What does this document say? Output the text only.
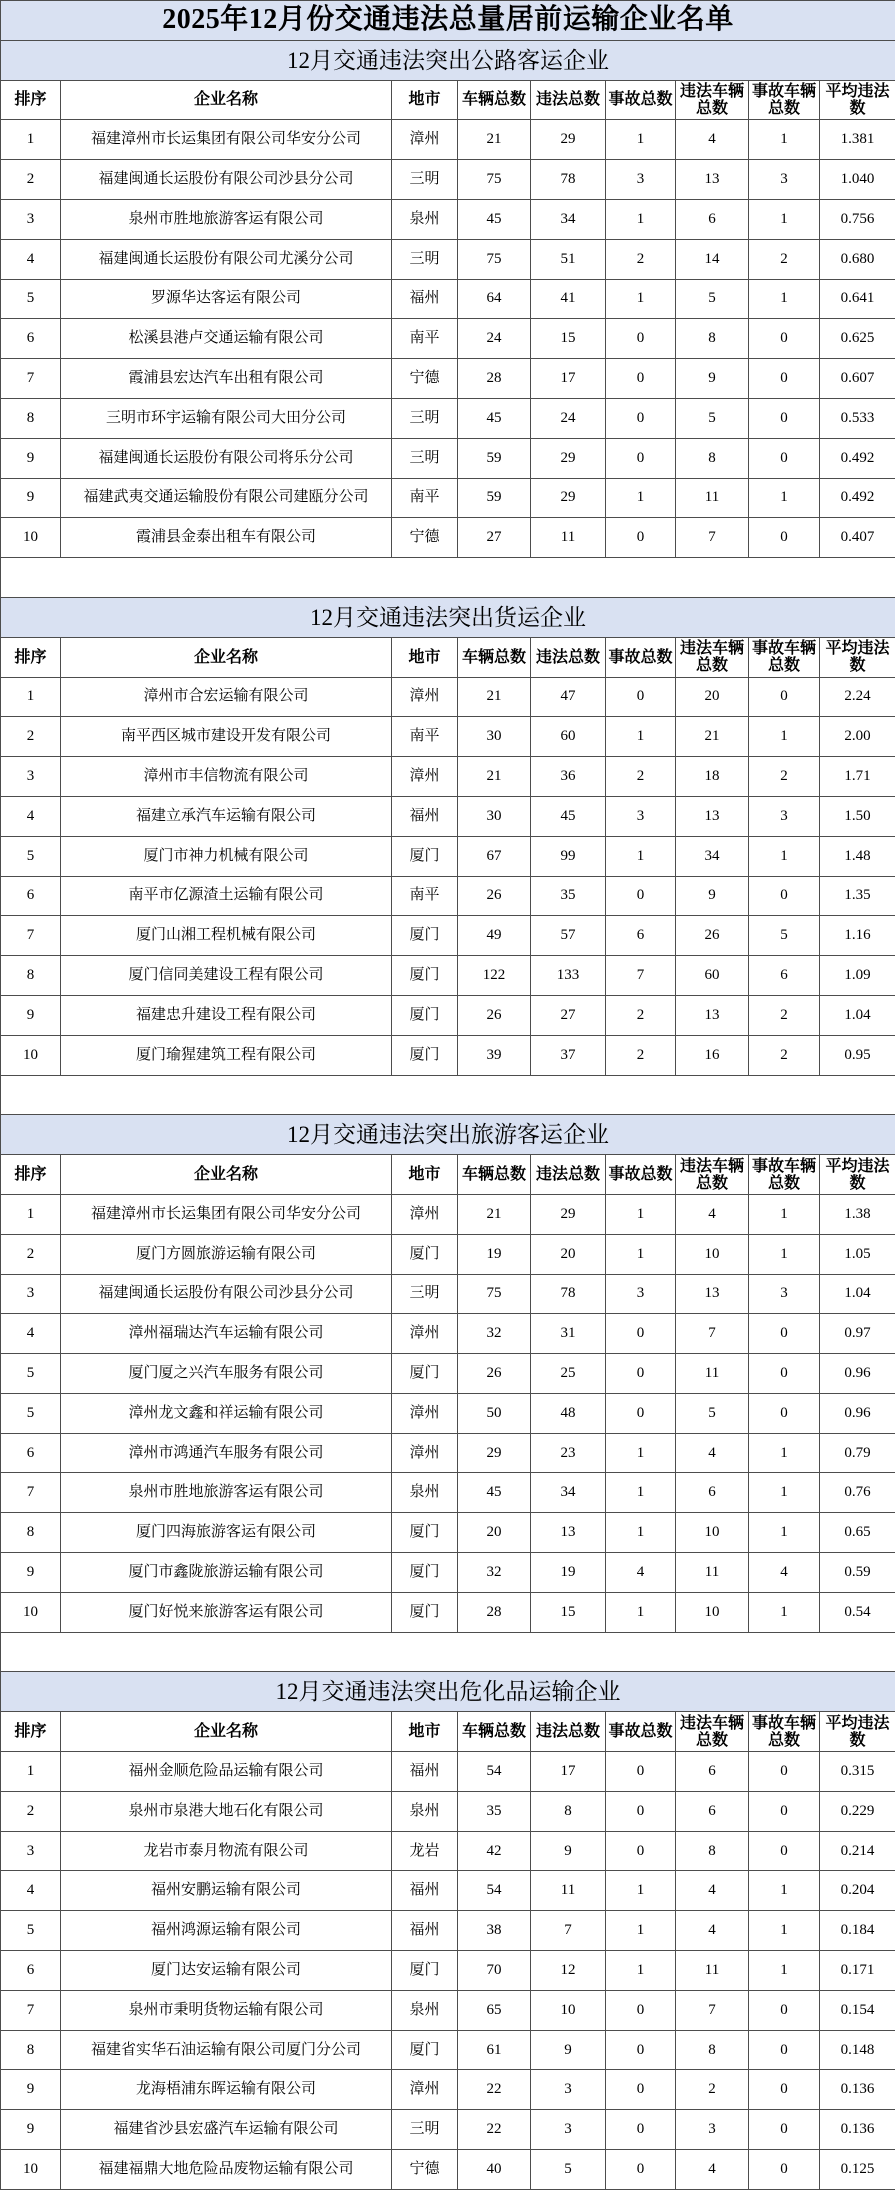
2025年12月份交通违法总量居前运输企业名单								
12月交通违法突出公路客运企业								
排序	企业名称	地市	车辆总数	违法总数	事故总数	违法车辆总数	事故车辆总数	平均违法数
1	福建漳州市长运集团有限公司华安分公司	漳州	21	29	1	4	1	1.381
2	福建闽通长运股份有限公司沙县分公司	三明	75	78	3	13	3	1.040
3	泉州市胜地旅游客运有限公司	泉州	45	34	1	6	1	0.756
4	福建闽通长运股份有限公司尤溪分公司	三明	75	51	2	14	2	0.680
5	罗源华达客运有限公司	福州	64	41	1	5	1	0.641
6	松溪县港卢交通运输有限公司	南平	24	15	0	8	0	0.625
7	霞浦县宏达汽车出租有限公司	宁德	28	17	0	9	0	0.607
8	三明市环宇运输有限公司大田分公司	三明	45	24	0	5	0	0.533
9	福建闽通长运股份有限公司将乐分公司	三明	59	29	0	8	0	0.492
9	福建武夷交通运输股份有限公司建瓯分公司	南平	59	29	1	11	1	0.492
10	霞浦县金泰出租车有限公司	宁德	27	11	0	7	0	0.407

12月交通违法突出货运企业								
排序	企业名称	地市	车辆总数	违法总数	事故总数	违法车辆总数	事故车辆总数	平均违法数
1	漳州市合宏运输有限公司	漳州	21	47	0	20	0	2.24
2	南平西区城市建设开发有限公司	南平	30	60	1	21	1	2.00
3	漳州市丰信物流有限公司	漳州	21	36	2	18	2	1.71
4	福建立承汽车运输有限公司	福州	30	45	3	13	3	1.50
5	厦门市神力机械有限公司	厦门	67	99	1	34	1	1.48
6	南平市亿源渣土运输有限公司	南平	26	35	0	9	0	1.35
7	厦门山湘工程机械有限公司	厦门	49	57	6	26	5	1.16
8	厦门信同美建设工程有限公司	厦门	122	133	7	60	6	1.09
9	福建忠升建设工程有限公司	厦门	26	27	2	13	2	1.04
10	厦门瑜猩建筑工程有限公司	厦门	39	37	2	16	2	0.95

12月交通违法突出旅游客运企业								
排序	企业名称	地市	车辆总数	违法总数	事故总数	违法车辆总数	事故车辆总数	平均违法数
1	福建漳州市长运集团有限公司华安分公司	漳州	21	29	1	4	1	1.38
2	厦门方圆旅游运输有限公司	厦门	19	20	1	10	1	1.05
3	福建闽通长运股份有限公司沙县分公司	三明	75	78	3	13	3	1.04
4	漳州福瑞达汽车运输有限公司	漳州	32	31	0	7	0	0.97
5	厦门厦之兴汽车服务有限公司	厦门	26	25	0	11	0	0.96
5	漳州龙文鑫和祥运输有限公司	漳州	50	48	0	5	0	0.96
6	漳州市鸿通汽车服务有限公司	漳州	29	23	1	4	1	0.79
7	泉州市胜地旅游客运有限公司	泉州	45	34	1	6	1	0.76
8	厦门四海旅游客运有限公司	厦门	20	13	1	10	1	0.65
9	厦门市鑫陇旅游运输有限公司	厦门	32	19	4	11	4	0.59
10	厦门好悦来旅游客运有限公司	厦门	28	15	1	10	1	0.54

12月交通违法突出危化品运输企业								
排序	企业名称	地市	车辆总数	违法总数	事故总数	违法车辆总数	事故车辆总数	平均违法数
1	福州金顺危险品运输有限公司	福州	54	17	0	6	0	0.315
2	泉州市泉港大地石化有限公司	泉州	35	8	0	6	0	0.229
3	龙岩市泰月物流有限公司	龙岩	42	9	0	8	0	0.214
4	福州安鹏运输有限公司	福州	54	11	1	4	1	0.204
5	福州鸿源运输有限公司	福州	38	7	1	4	1	0.184
6	厦门达安运输有限公司	厦门	70	12	1	11	1	0.171
7	泉州市秉明货物运输有限公司	泉州	65	10	0	7	0	0.154
8	福建省实华石油运输有限公司厦门分公司	厦门	61	9	0	8	0	0.148
9	龙海梧浦东晖运输有限公司	漳州	22	3	0	2	0	0.136
9	福建省沙县宏盛汽车运输有限公司	三明	22	3	0	3	0	0.136
10	福建福鼎大地危险品废物运输有限公司	宁德	40	5	0	4	0	0.125
